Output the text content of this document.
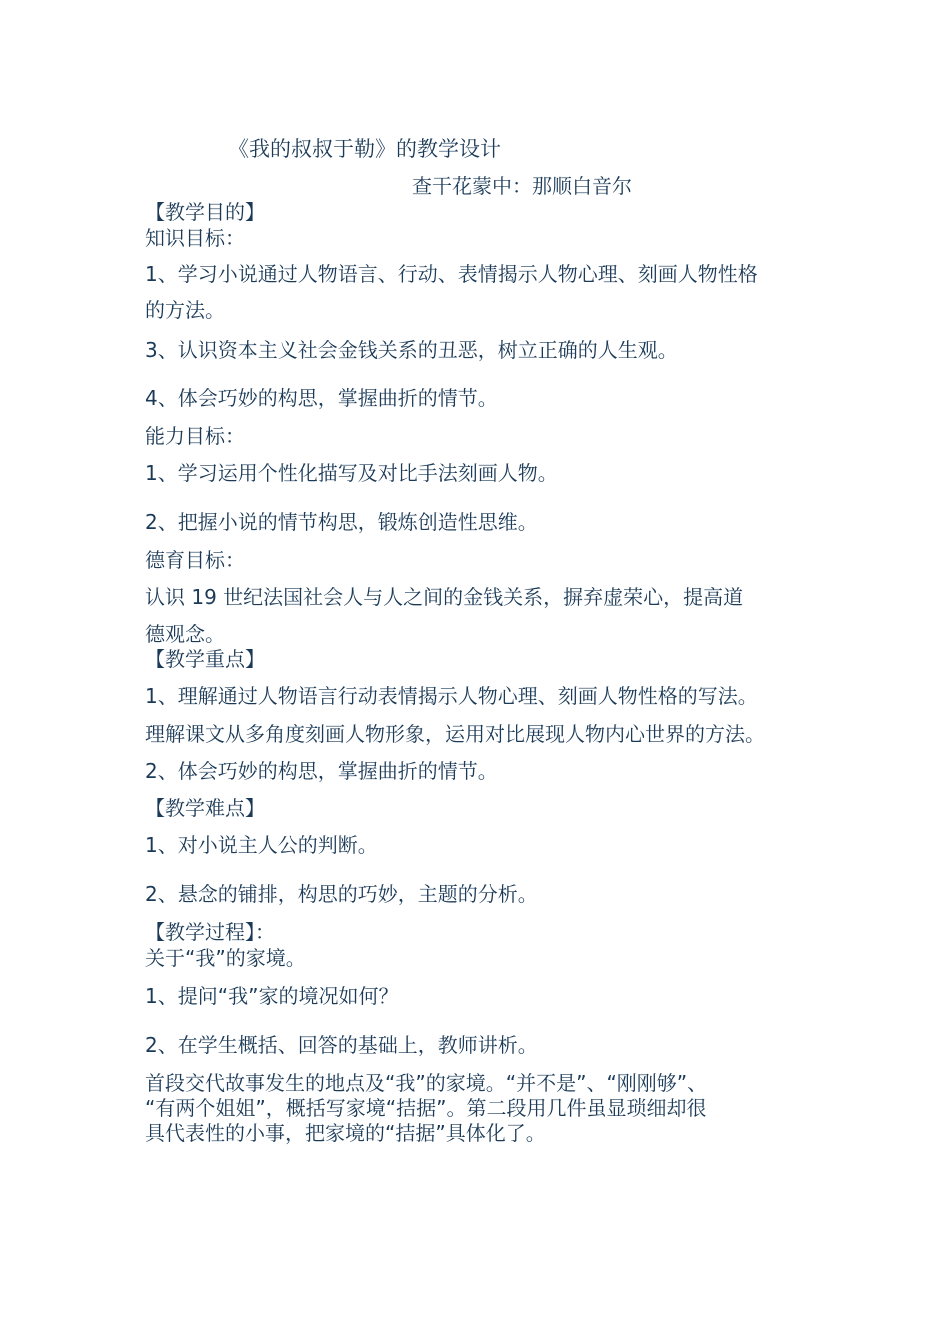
《我的叔叔于勒》的教学设计
查干花蒙中：那顺白音尔
【教学目的】
知识目标：
1、学习小说通过人物语言、行动、表情揭示人物心理、刻画人物性格
的方法。
3、认识资本主义社会金钱关系的丑恶，树立正确的人生观。
4、体会巧妙的构思，掌握曲折的情节。
能力目标：
1、学习运用个性化描写及对比手法刻画人物。
2、把握小说的情节构思，锻炼创造性思维。
德育目标：
认识 19 世纪法国社会人与人之间的金钱关系，摒弃虚荣心，提高道
德观念。
【教学重点】
1、理解通过人物语言行动表情揭示人物心理、刻画人物性格的写法。
理解课文从多角度刻画人物形象，运用对比展现人物内心世界的方法。
2、体会巧妙的构思，掌握曲折的情节。
【教学难点】
1、对小说主人公的判断。
2、悬念的铺排，构思的巧妙，主题的分析。
【教学过程】：
关于“我”的家境。
1、提问“我”家的境况如何？
2、在学生概括、回答的基础上，教师讲析。
首段交代故事发生的地点及“我”的家境。“并不是”、“刚刚够”、
“有两个姐姐”，概括写家境“拮据”。第二段用几件虽显琐细却很
具代表性的小事，把家境的“拮据”具体化了。
